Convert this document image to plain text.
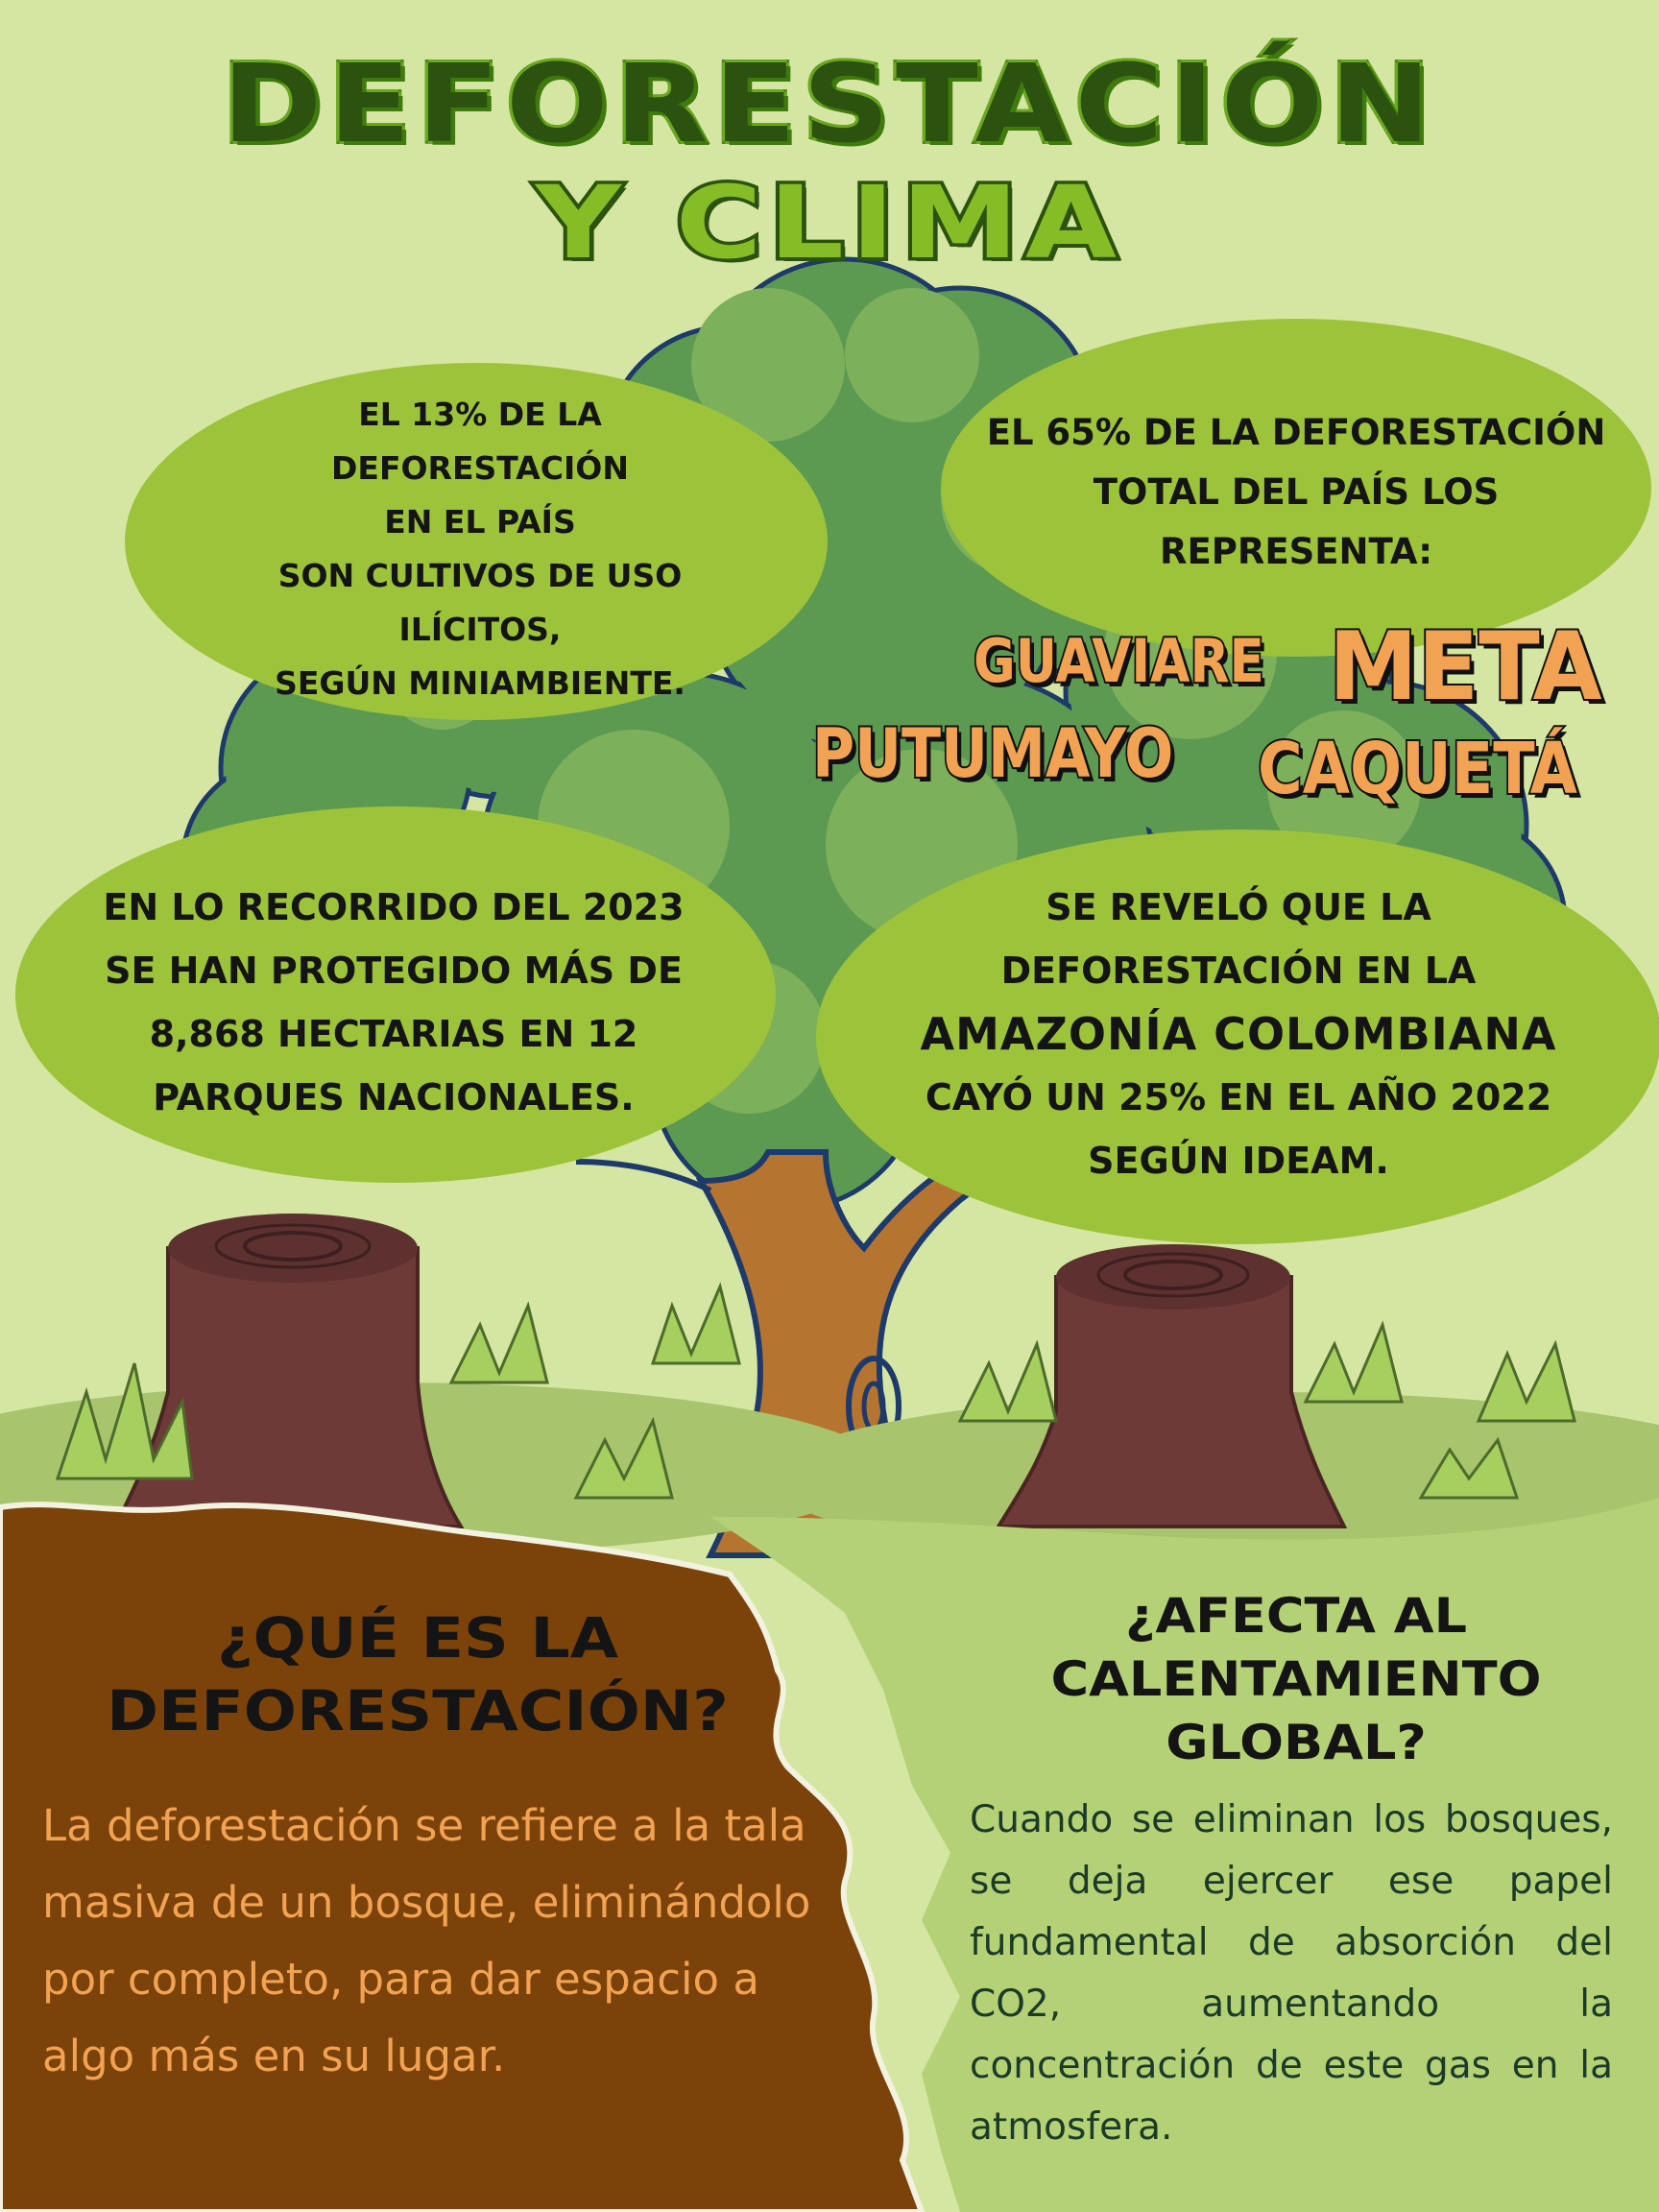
DEFORESTACIÓN
Y CLIMA
EL 13% DE LA
DEFORESTACIÓN
EN EL PAÍS
SON CULTIVOS DE USO
ILÍCITOS,
SEGÚN MINIAMBIENTE.
EL 65% DE LA DEFORESTACIÓN
TOTAL DEL PAÍS LOS
REPRESENTA:
GUAVIARE META
PUTUMAYO CAQUETÁ
EN LO RECORRIDO DEL 2023
SE HAN PROTEGIDO MÁS DE
8,868 HECTARIAS EN 12
PARQUES NACIONALES.
SE REVELÓ QUE LA
DEFORESTACIÓN EN LA
AMAZONÍA COLOMBIANA
CAYÓ UN 25% EN EL AÑO 2022
SEGÚN IDEAM.
¿QUÉ ES LA
DEFORESTACIÓN?
La deforestación se refiere a la tala masiva de un bosque, eliminándolo por completo, para dar espacio a algo más en su lugar.
¿AFECTA AL
CALENTAMIENTO
GLOBAL?
Cuando se eliminan los bosques, se deja ejercer ese papel fundamental de absorción del CO2, aumentando la concentración de este gas en la atmosfera.
